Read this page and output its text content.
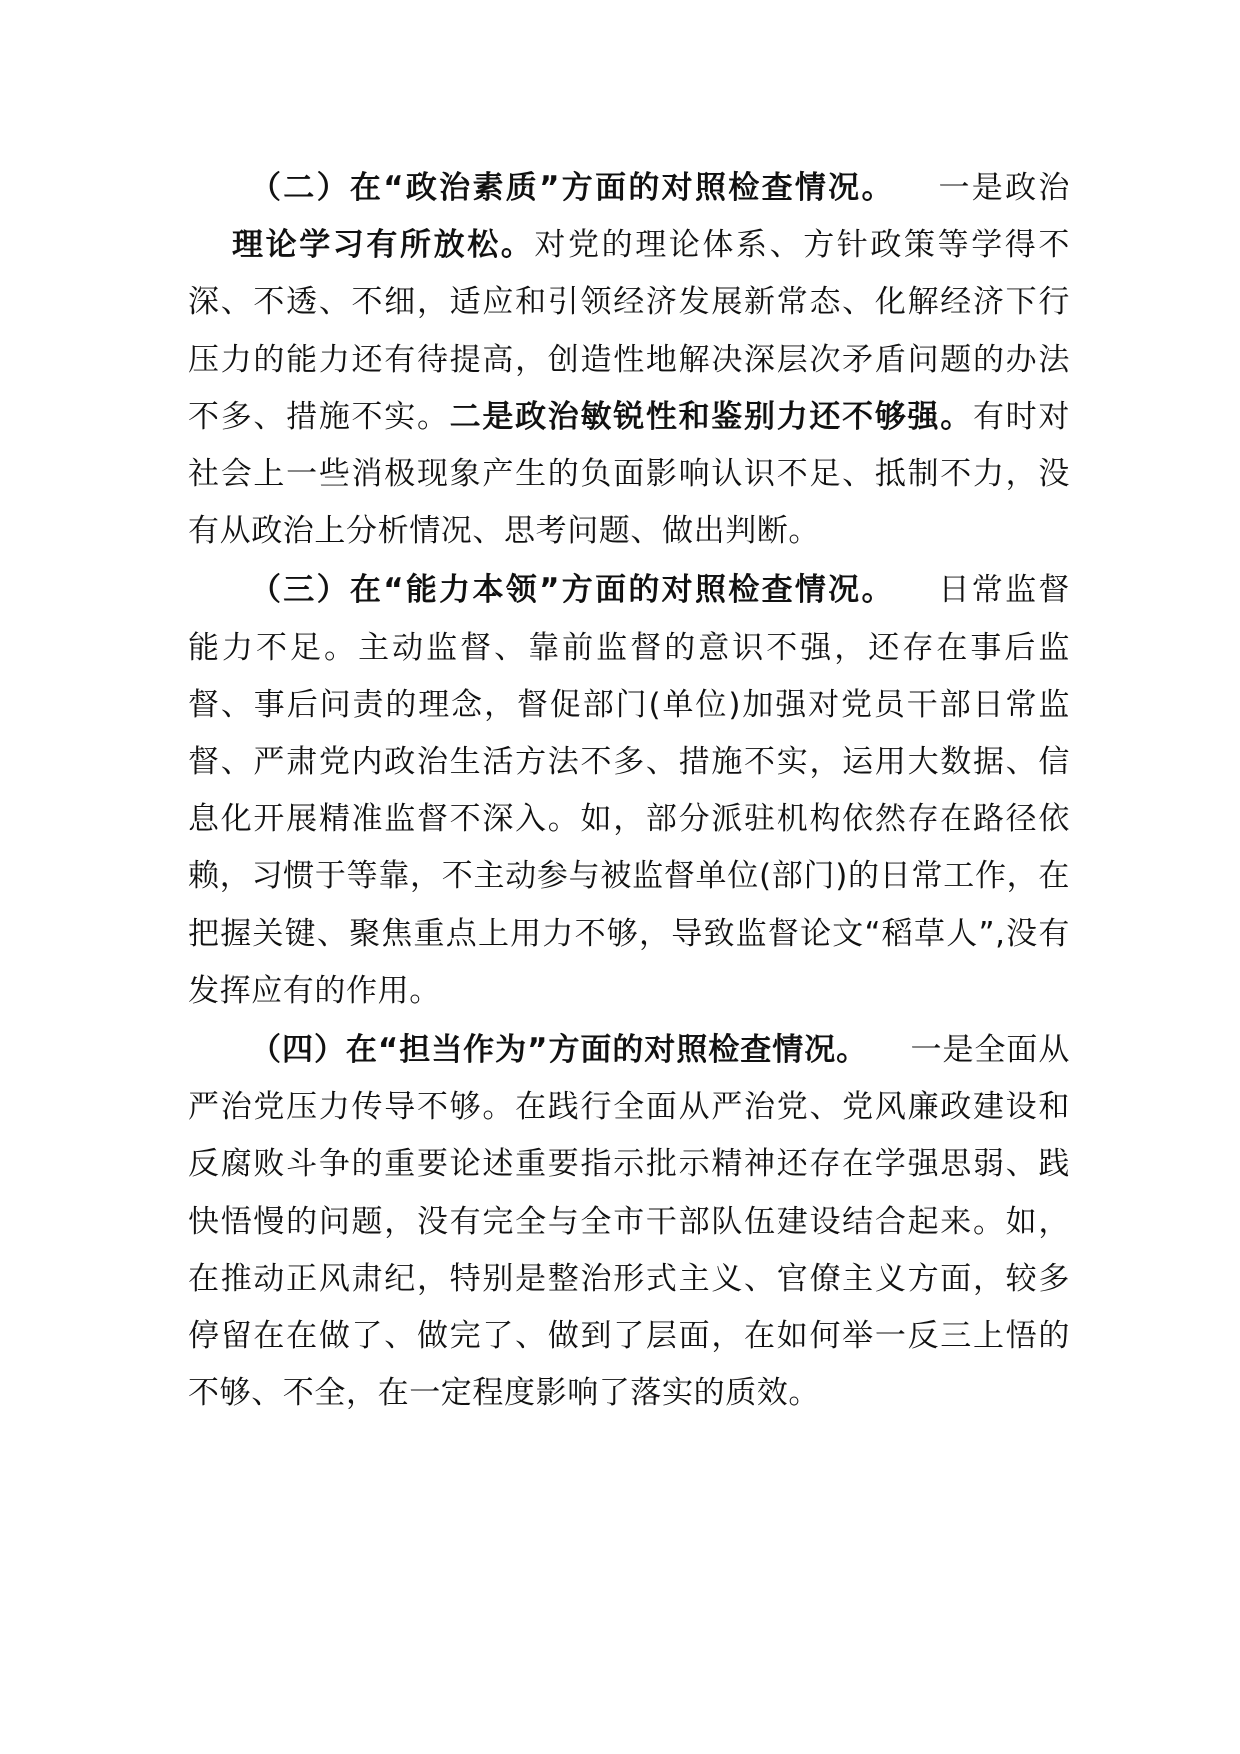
（二）在“政治素质”方面的对照检查情况。 一是政治理论学习有所放松。对党的理论体系、方针政策等学得不深、不透、不细，适应和引领经济发展新常态、化解经济下行压力的能力还有待提高，创造性地解决深层次矛盾问题的办法不多、措施不实。二是政治敏锐性和鉴别力还不够强。有时对社会上一些消极现象产生的负面影响认识不足、抵制不力，没有从政治上分析情况、思考问题、做出判断。

（三）在“能力本领”方面的对照检查情况。 日常监督 能力不足。主动监督、靠前监督的意识不强，还存在事后监督、事后问责的理念，督促部门(单位)加强对党员干部日常监督、严肃党内政治生活方法不多、措施不实，运用大数据、信息化开展精准监督不深入。如，部分派驻机构依然存在路径依赖，习惯于等靠，不主动参与被监督单位(部门)的日常工作，在把握关键、聚焦重点上用力不够，导致监督论文“稻草人”,没有发挥应有的作用。

（四）在“担当作为”方面的对照检查情况。 一是全面从严治党压力传导不够。在践行全面从严治党、党风廉政建设和反腐败斗争的重要论述重要指示批示精神还存在学强思弱、践快悟慢的问题，没有完全与全市干部队伍建设结合起来。如，在推动正风肃纪，特别是整治形式主义、官僚主义方面，较多停留在在做了、做完了、做到了层面，在如何举一反三上悟的不够、不全，在一定程度影响了落实的质效。
